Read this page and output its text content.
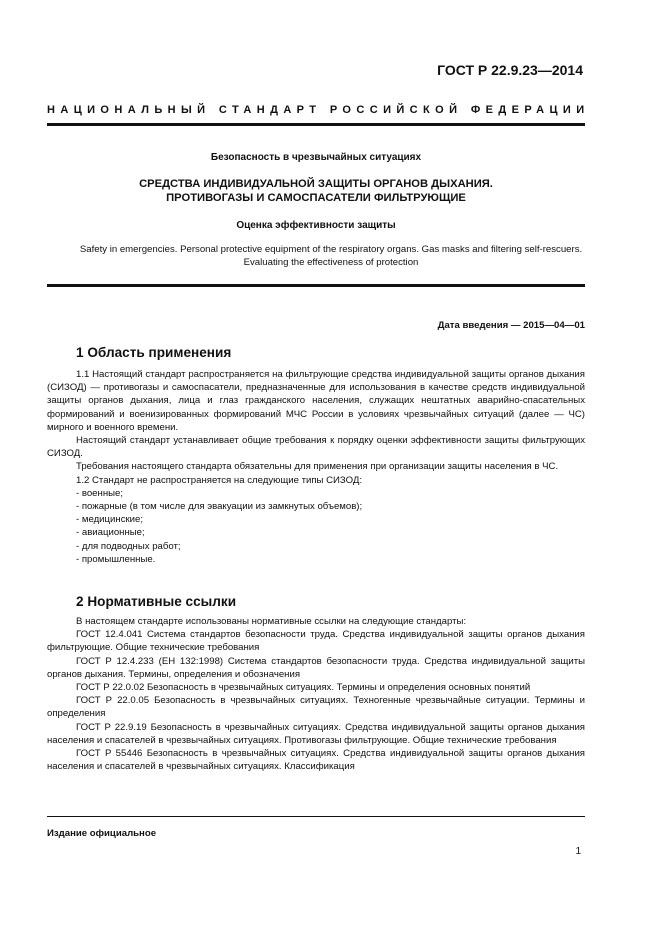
ГОСТ Р 22.9.23—2014
НАЦИОНАЛЬНЫЙ СТАНДАРТ РОССИЙСКОЙ ФЕДЕРАЦИИ
Безопасность в чрезвычайных ситуациях
СРЕДСТВА ИНДИВИДУАЛЬНОЙ ЗАЩИТЫ ОРГАНОВ ДЫХАНИЯ.
ПРОТИВОГАЗЫ И САМОСПАСАТЕЛИ ФИЛЬТРУЮЩИЕ
Оценка эффективности защиты
Safety in emergencies. Personal protective equipment of the respiratory organs. Gas masks and filtering self-rescuers.
Evaluating the effectiveness of protection
Дата введения — 2015—04—01
1 Область применения

1.1 Настоящий стандарт распространяется на фильтрующие средства индивидуальной защиты органов дыхания (СИЗОД) — противогазы и самоспасатели, предназначенные для использования в качестве средств индивидуальной защиты органов дыхания, лица и глаз гражданского населения, служащих нештатных аварийно-спасательных формирований и военизированных формирований МЧС России в условиях чрезвычайных ситуаций (далее — ЧС) мирного и военного времени.

Настоящий стандарт устанавливает общие требования к порядку оценки эффективности защиты фильтрующих СИЗОД.

Требования настоящего стандарта обязательны для применения при организации защиты населения в ЧС.

1.2 Стандарт не распространяется на следующие типы СИЗОД:

- военные;

- пожарные (в том числе для эвакуации из замкнутых объемов);

- медицинские;

- авиационные;

- для подводных работ;

- промышленные.

2 Нормативные ссылки

В настоящем стандарте использованы нормативные ссылки на следующие стандарты:

ГОСТ 12.4.041 Система стандартов безопасности труда. Средства индивидуальной защиты органов дыхания фильтрующие. Общие технические требования

ГОСТ Р 12.4.233 (ЕН 132:1998) Система стандартов безопасности труда. Средства индивидуальной защиты органов дыхания. Термины, определения и обозначения

ГОСТ Р 22.0.02 Безопасность в чрезвычайных ситуациях. Термины и определения основных понятий

ГОСТ Р 22.0.05 Безопасность в чрезвычайных ситуациях. Техногенные чрезвычайные ситуации. Термины и определения

ГОСТ Р 22.9.19 Безопасность в чрезвычайных ситуациях. Средства индивидуальной защиты органов дыхания населения и спасателей в чрезвычайных ситуациях. Противогазы фильтрующие. Общие технические требования

ГОСТ Р 55446 Безопасность в чрезвычайных ситуациях. Средства индивидуальной защиты органов дыхания населения и спасателей в чрезвычайных ситуациях. Классификация

Издание официальное
1
